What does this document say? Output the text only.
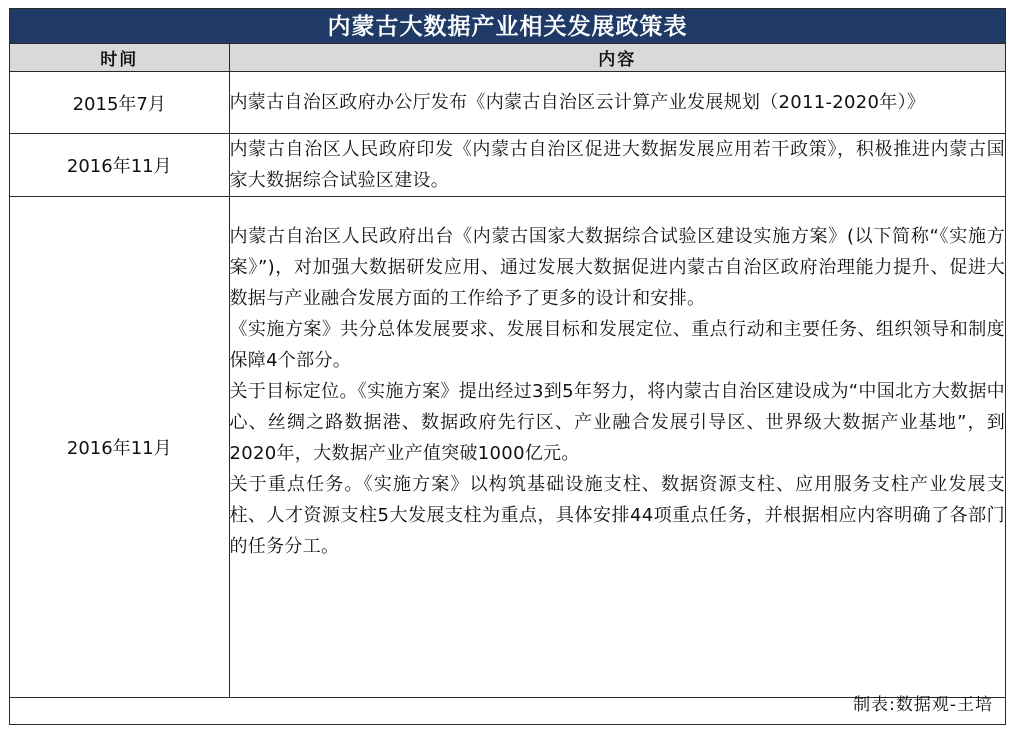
内蒙古大数据产业相关发展政策表
时间	内容
2015年7月	内蒙古自治区政府办公厅发布《内蒙古自治区云计算产业发展规划（2011-2020年）》

2016年11月	内蒙古自治区人民政府印发《内蒙古自治区促进大数据发展应用若干政策》，积极推进内蒙古国家大数据综合试验区建设。

2016年11月	内蒙古自治区人民政府出台《内蒙古国家大数据综合试验区建设实施方案》(以下简称“《实施方案》”)，对加强大数据研发应用、通过发展大数据促进内蒙古自治区政府治理能力提升、促进大数据与产业融合发展方面的工作给予了更多的设计和安排。

《实施方案》共分总体发展要求、发展目标和发展定位、重点行动和主要任务、组织领导和制度保障4个部分。

关于目标定位。《实施方案》提出经过3到5年努力，将内蒙古自治区建设成为“中国北方大数据中心、丝绸之路数据港、数据政府先行区、产业融合发展引导区、世界级大数据产业基地”，到2020年，大数据产业产值突破1000亿元。

关于重点任务。《实施方案》以构筑基础设施支柱、数据资源支柱、应用服务支柱产业发展支柱、人才资源支柱5大发展支柱为重点，具体安排44项重点任务，并根据相应内容明确了各部门的任务分工。

制表:数据观-王培
